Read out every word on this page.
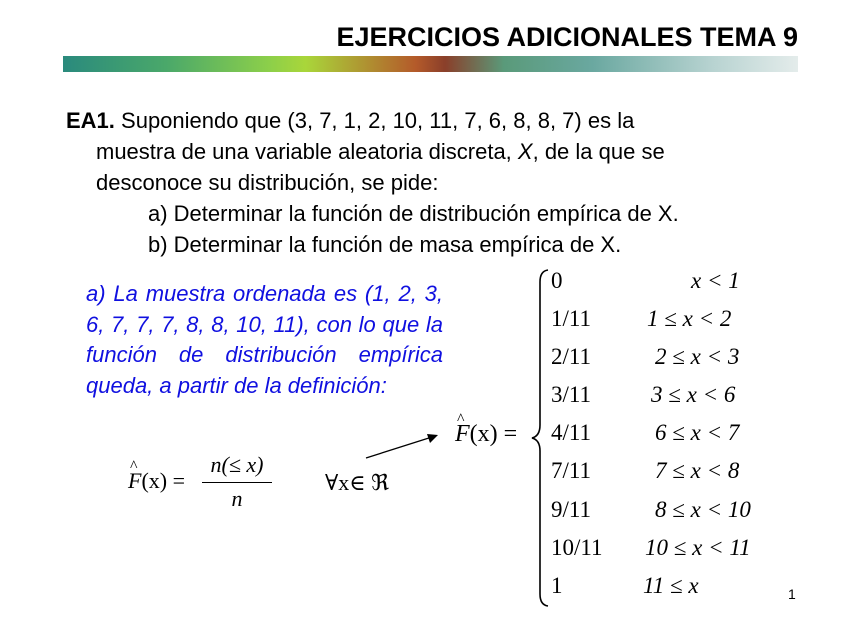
EJERCICIOS ADICIONALES TEMA 9

EA1. Suponiendo que (3, 7, 1, 2, 10, 11, 7, 6, 8, 8, 7) es la

muestra de una variable aleatoria discreta, X, de la que se

desconoce su distribución, se pide:

a) Determinar la función de distribución empírica de X.

b) Determinar la función de masa empírica de X.

a) La muestra ordenada es (1, 2, 3, 6, 7, 7, 7, 8, 8, 10, 11), con lo que la función de distribución empírica queda, a partir de la definición:
^ F(x) =
n(≤ x)
n
∀x∈ ℜ
^ F(x) =
0	x < 1
1/11 1 ≤ x < 2
2/11	2 ≤ x < 3
3/11	3 ≤ x < 6
4/11	6 ≤ x < 7
7/11	7 ≤ x < 8
9/11	8 ≤ x < 10
10/11 10 ≤ x < 11
1	11 ≤ x	1
